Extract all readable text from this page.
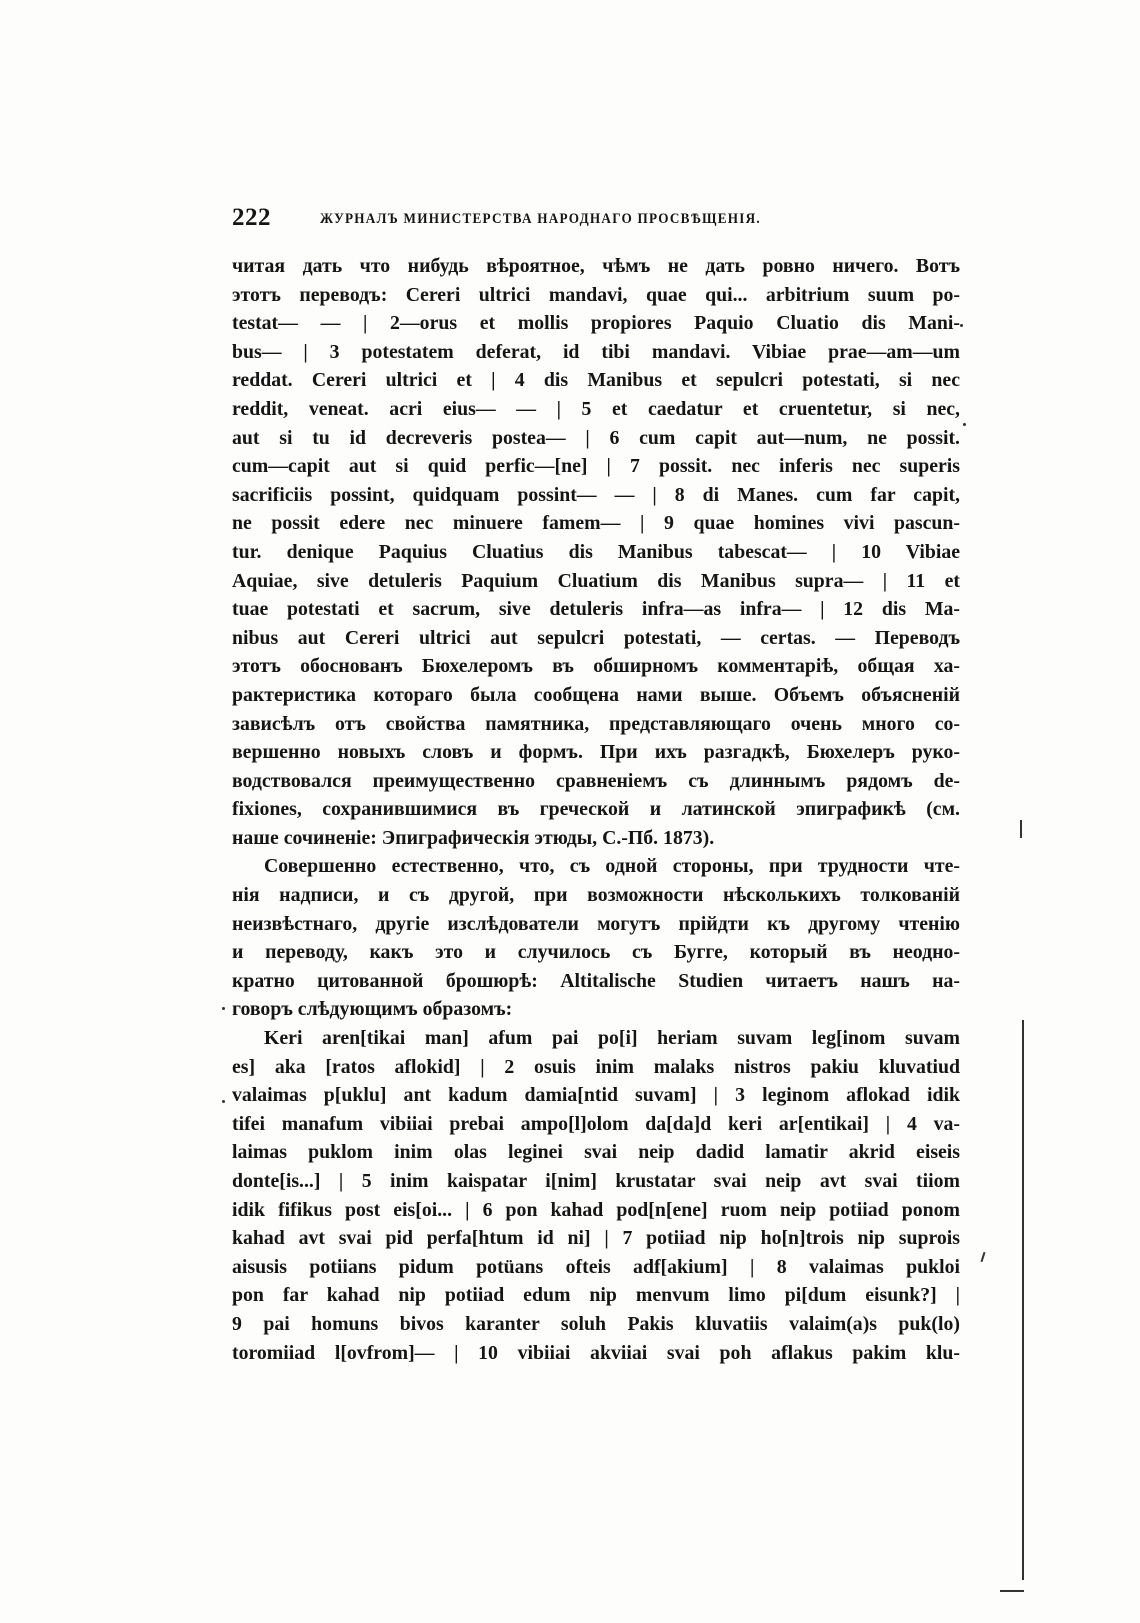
222	ЖУРНАЛЪ МИНИСТЕРСТВА НАРОДНАГО ПРОСВѢЩЕНІЯ.
читая дать что нибудь вѣроятное, чѣмъ не дать ровно ничего. Вотъ
этотъ переводъ: Cereri ultrici mandavi, quae qui... arbitrium suum po-
testat— — | 2—orus et mollis propiores Paquio Cluatio dis Mani-
bus— | 3 potestatem deferat, id tibi mandavi. Vibiae prae—am—um
reddat. Cereri ultrici et | 4 dis Manibus et sepulcri potestati, si nec
reddit, veneat. acri eius— — | 5 et caedatur et cruentetur, si nec,
aut si tu id decreveris postea— | 6 cum capit aut—num, ne possit.
cum—capit aut si quid perfic—[ne] | 7 possit. nec inferis nec superis
sacrificiis possint, quidquam possint— — | 8 di Manes. cum far capit,
ne possit edere nec minuere famem— | 9 quae homines vivi pascun-
tur. denique Paquius Cluatius dis Manibus tabescat— | 10 Vibiae
Aquiae, sive detuleris Paquium Cluatium dis Manibus supra— | 11 et
tuae potestati et sacrum, sive detuleris infra—as infra— | 12 dis Ma-
nibus aut Cereri ultrici aut sepulcri potestati, — certas. — Переводъ
этотъ обоснованъ Бюхелеромъ въ обширномъ комментаріѣ, общая ха-
рактеристика котораго была сообщена нами выше. Объемъ объясненій
зависѣлъ отъ свойства памятника, представляющаго очень много со-
вершенно новыхъ словъ и формъ. При ихъ разгадкѣ, Бюхелеръ руко-
водствовался преимущественно сравненіемъ съ длиннымъ рядомъ de-
fixiones, сохранившимися въ греческой и латинской эпиграфикѣ (см.
наше сочиненіе: Эпиграфическія этюды, С.-Пб. 1873).
Совершенно естественно, что, съ одной стороны, при трудности чте-
нія надписи, и съ другой, при возможности нѣсколькихъ толкованій
неизвѣстнаго, другіе изслѣдователи могутъ прійдти къ другому чтенію
и переводу, какъ это и случилось съ Бугге, который въ неодно-
кратно цитованной брошюрѣ: Altitalische Studien читаетъ нашъ на-
говоръ слѣдующимъ образомъ:
Keri aren[tikai man] afum pai po[i] heriam suvam leg[inom suvam
es] aka [ratos aflokid] | 2 osuis inim malaks nistros pakiu kluvatiud
valaimas p[uklu] ant kadum damia[ntid suvam] | 3 leginom aflokad idik
tifei manafum vibiiai prebai ampo[l]olom da[da]d keri ar[entikai] | 4 va-
laimas puklom inim olas leginei svai neip dadid lamatir akrid eiseis
donte[is...] | 5 inim kaispatar i[nim] krustatar svai neip avt svai tiiom
idik fifikus post eis[oi... | 6 pon kahad pod[n[ene] ruom neip potiiad ponom
kahad avt svai pid perfa[htum id ni] | 7 potiiad nip ho[n]trois nip suprois
aisusis potiians pidum potüans ofteis adf[akium] | 8 valaimas pukloi
pon far kahad nip potiiad edum nip menvum limo pi[dum eisunk?] |
9 pai homuns bivos karanter soluh Pakis kluvatiis valaim(a)s puk(lo)
toromiiad l[ovfrom]— | 10 vibiiai akviiai svai poh aflakus pakim klu-
